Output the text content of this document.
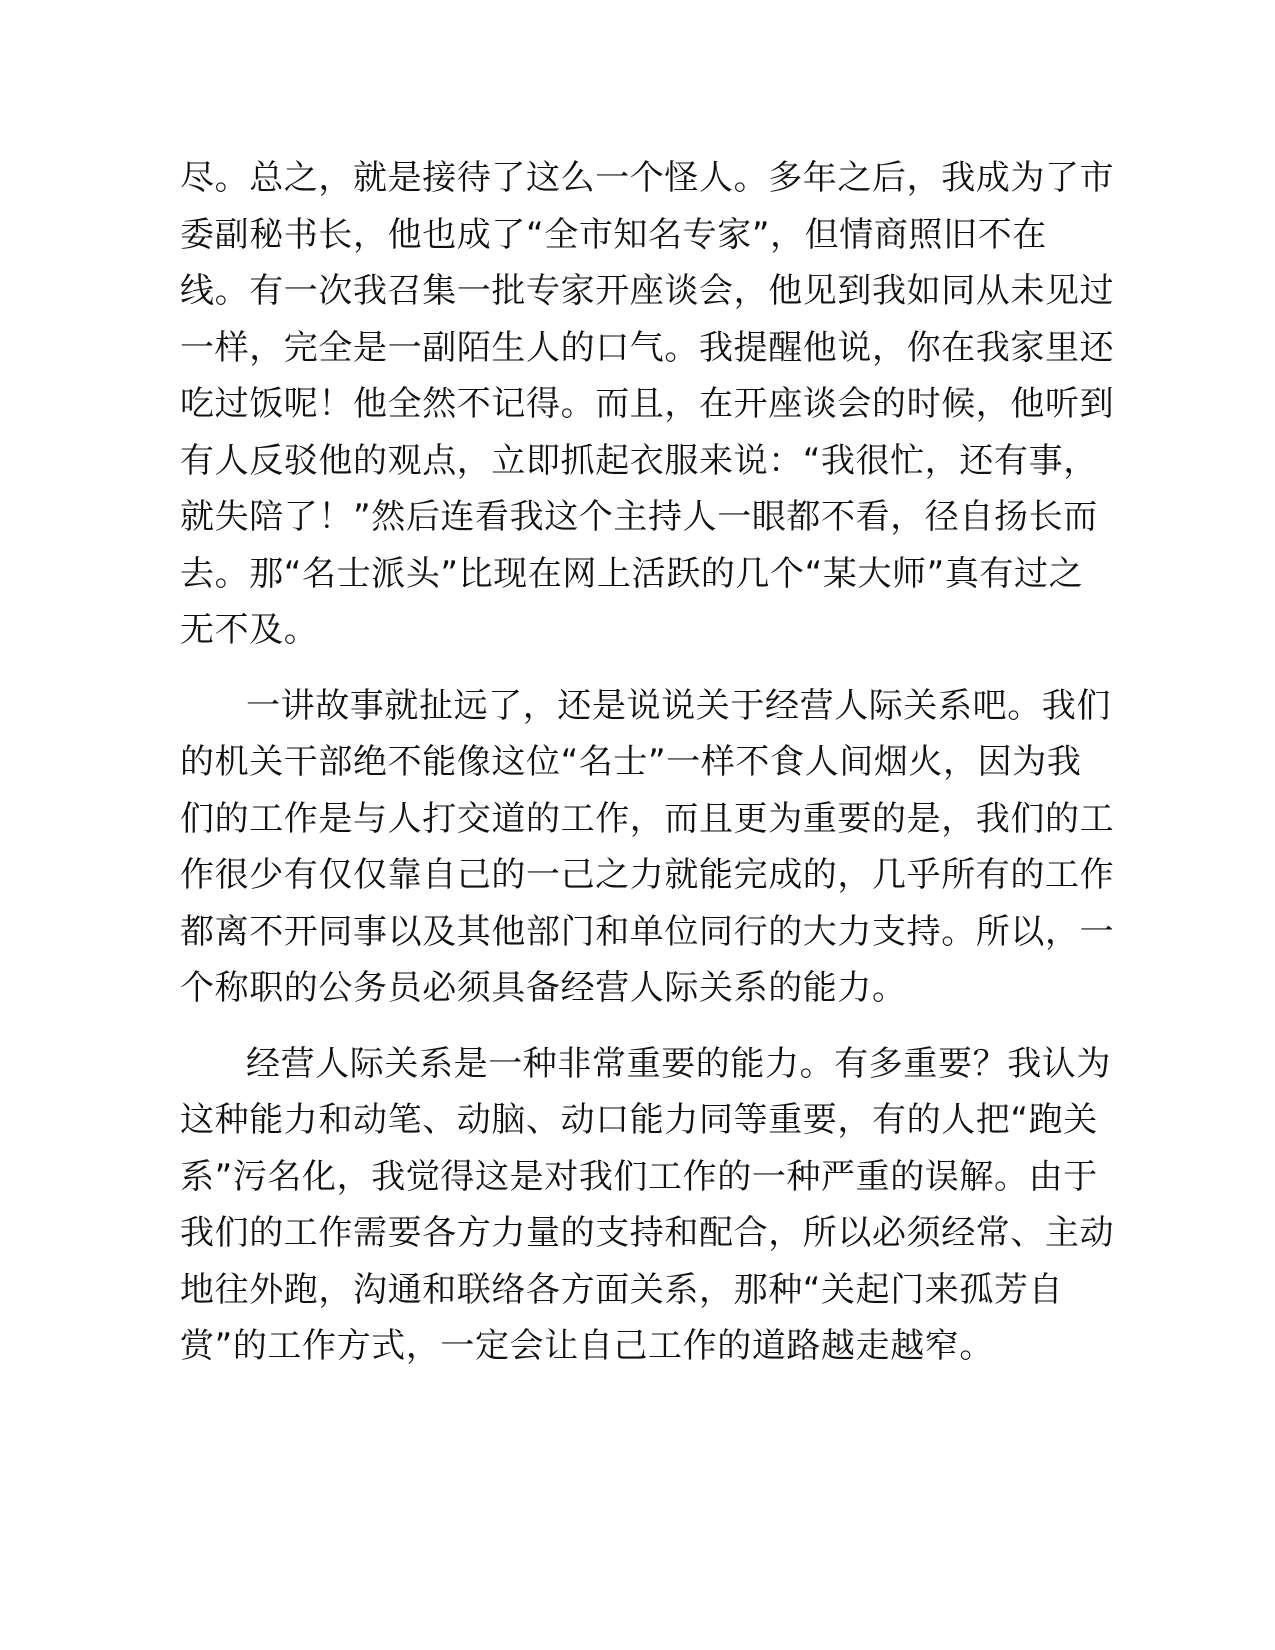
尽。总之，就是接待了这么一个怪人。多年之后，我成为了市
委副秘书长，他也成了“全市知名专家”，但情商照旧不在
线。有一次我召集一批专家开座谈会，他见到我如同从未见过
一样，完全是一副陌生人的口气。我提醒他说，你在我家里还
吃过饭呢！他全然不记得。而且，在开座谈会的时候，他听到
有人反驳他的观点，立即抓起衣服来说：“我很忙，还有事，
就失陪了！”然后连看我这个主持人一眼都不看，径自扬长而
去。那“名士派头”比现在网上活跃的几个“某大师”真有过之
无不及。
一讲故事就扯远了，还是说说关于经营人际关系吧。我们
的机关干部绝不能像这位“名士”一样不食人间烟火，因为我
们的工作是与人打交道的工作，而且更为重要的是，我们的工
作很少有仅仅靠自己的一己之力就能完成的，几乎所有的工作
都离不开同事以及其他部门和单位同行的大力支持。所以，一
个称职的公务员必须具备经营人际关系的能力。
经营人际关系是一种非常重要的能力。有多重要？我认为
这种能力和动笔、动脑、动口能力同等重要，有的人把“跑关
系”污名化，我觉得这是对我们工作的一种严重的误解。由于
我们的工作需要各方力量的支持和配合，所以必须经常、主动
地往外跑，沟通和联络各方面关系，那种“关起门来孤芳自
赏”的工作方式，一定会让自己工作的道路越走越窄。
